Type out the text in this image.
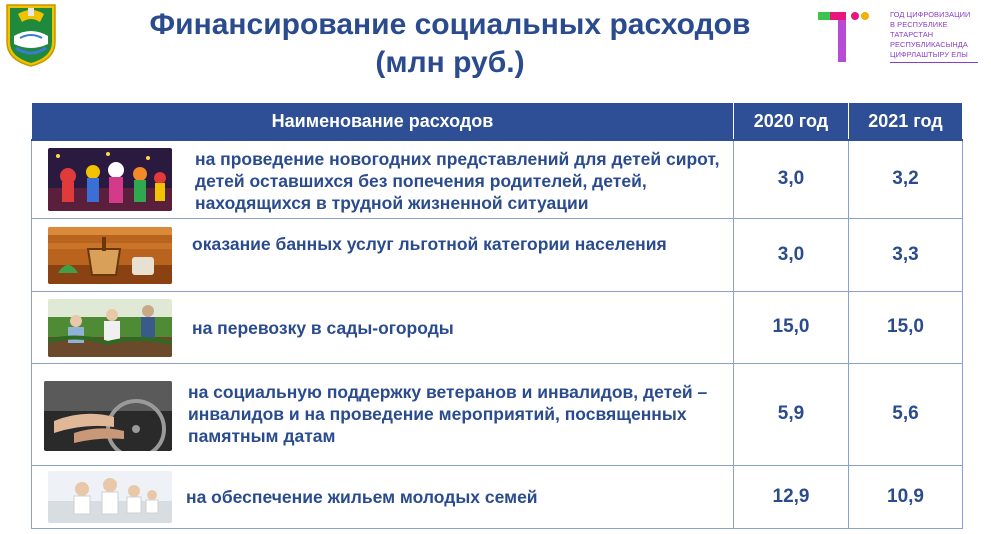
Финансирование социальных расходов
(млн руб.)
ГОД ЦИФРОВИЗАЦИИ
В РЕСПУБЛИКЕ
ТАТАРСТАН
РЕСПУБЛИКАСЫНДА
ЦИФРЛАШТЫРУ ЕЛЫ
Наименование расходов	2020 год	2021 год

на проведение новогодних представлений для детей сирот, детей оставшихся без попечения родителей, детей, находящихся в трудной жизненной ситуации	3,0	3,2

оказание банных услуг льготной категории населения	3,0	3,3

на перевозку в сады-огороды	15,0	15,0

на социальную поддержку ветеранов и инвалидов, детей – инвалидов и на проведение мероприятий, посвященных памятным датам	5,9	5,6

на обеспечение жильем молодых семей	12,9	10,9
